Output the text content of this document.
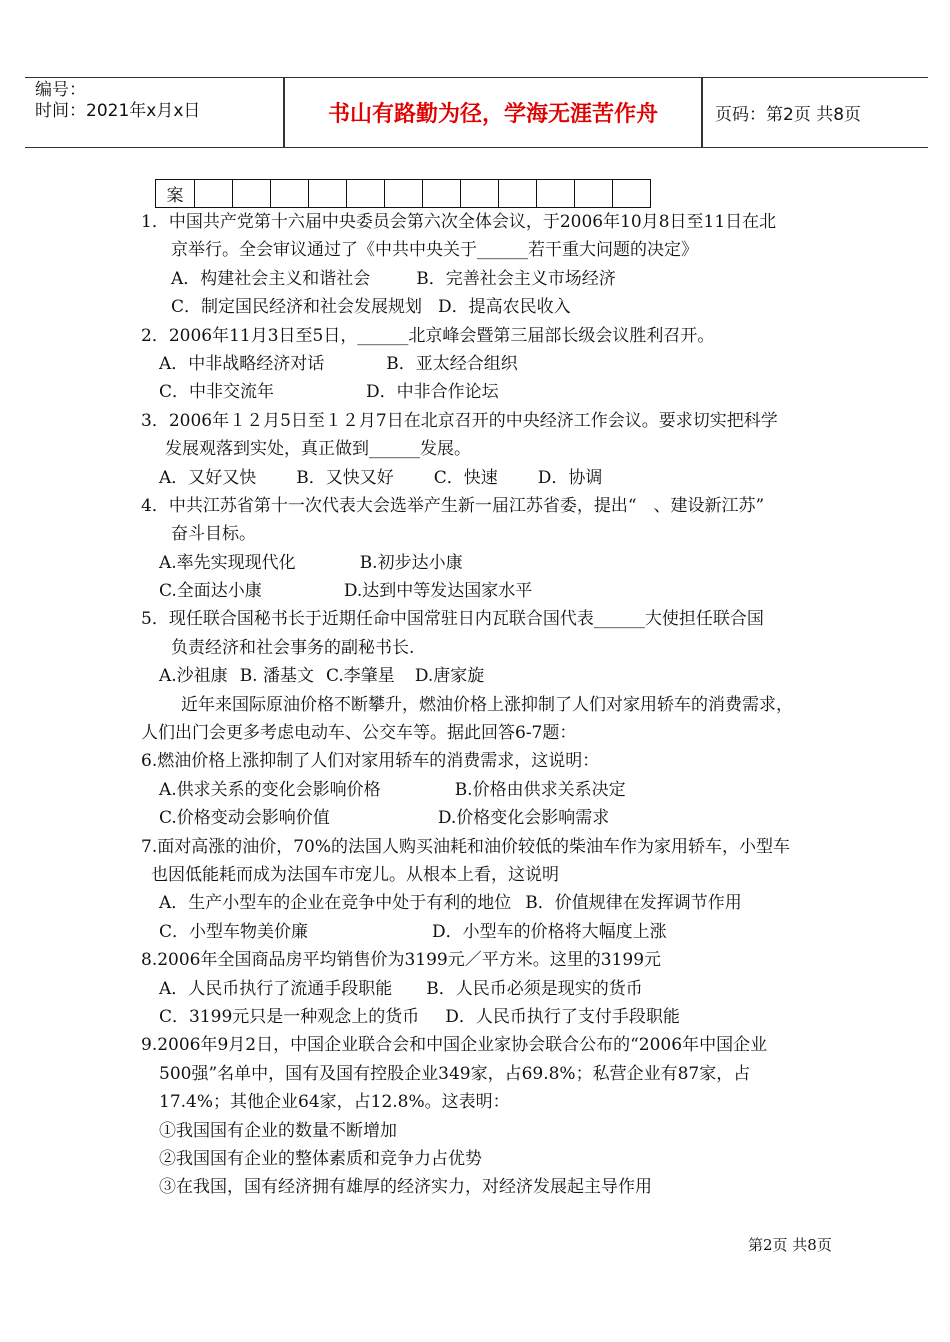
编号：
时间：2021年x月x日	书山有路勤为径，学海无涯苦作舟	页码：第2页 共8页
案												
1．中国共产党第十六届中央委员会第六次全体会议，于2006年10月8日至11日在北
京举行。全会审议通过了《中共中央关于______若干重大问题的决定》
A．构建社会主义和谐社会	B．完善社会主义市场经济
C．制定国民经济和社会发展规划 D．提高农民收入
2．2006年11月3日至5日，______北京峰会暨第三届部长级会议胜利召开。
A．中非战略经济对话	B．亚太经合组织
C．中非交流年	D．中非合作论坛
3．2006年１２月5日至１２月7日在北京召开的中央经济工作会议。要求切实把科学
发展观落到实处，真正做到______发展。
A．又好又快 B．又快又好 C．快速 D．协调
4．中共江苏省第十一次代表大会选举产生新一届江苏省委，提出“　、建设新江苏”
奋斗目标。
A.率先实现现代化	B.初步达小康
C.全面达小康	D.达到中等发达国家水平
5．现任联合国秘书长于近期任命中国常驻日内瓦联合国代表______大使担任联合国
负责经济和社会事务的副秘书长.
A.沙祖康 B. 潘基文 C.李肇星 D.唐家旋
近年来国际原油价格不断攀升，燃油价格上涨抑制了人们对家用轿车的消费需求，
人们出门会更多考虑电动车、公交车等。据此回答6-7题：
6.燃油价格上涨抑制了人们对家用轿车的消费需求，这说明：
A.供求关系的变化会影响价格	B.价格由供求关系决定
C.价格变动会影响价值	D.价格变化会影响需求
7.面对高涨的油价，70%的法国人购买油耗和油价较低的柴油车作为家用轿车，小型车
也因低能耗而成为法国车市宠儿。从根本上看，这说明
A．生产小型车的企业在竞争中处于有利的地位 B．价值规律在发挥调节作用
C．小型车物美价廉	D．小型车的价格将大幅度上涨
8.2006年全国商品房平均销售价为3199元／平方米。这里的3199元
A．人民币执行了流通手段职能 B．人民币必须是现实的货币
C．3199元只是一种观念上的货币 D．人民币执行了支付手段职能
9.2006年9月2日，中国企业联合会和中国企业家协会联合公布的“2006年中国企业
500强”名单中，国有及国有控股企业349家，占69.8%；私营企业有87家，占
17.4%；其他企业64家，占12.8%。这表明：
①我国国有企业的数量不断增加
②我国国有企业的整体素质和竞争力占优势
③在我国，国有经济拥有雄厚的经济实力，对经济发展起主导作用
第2页 共8页
